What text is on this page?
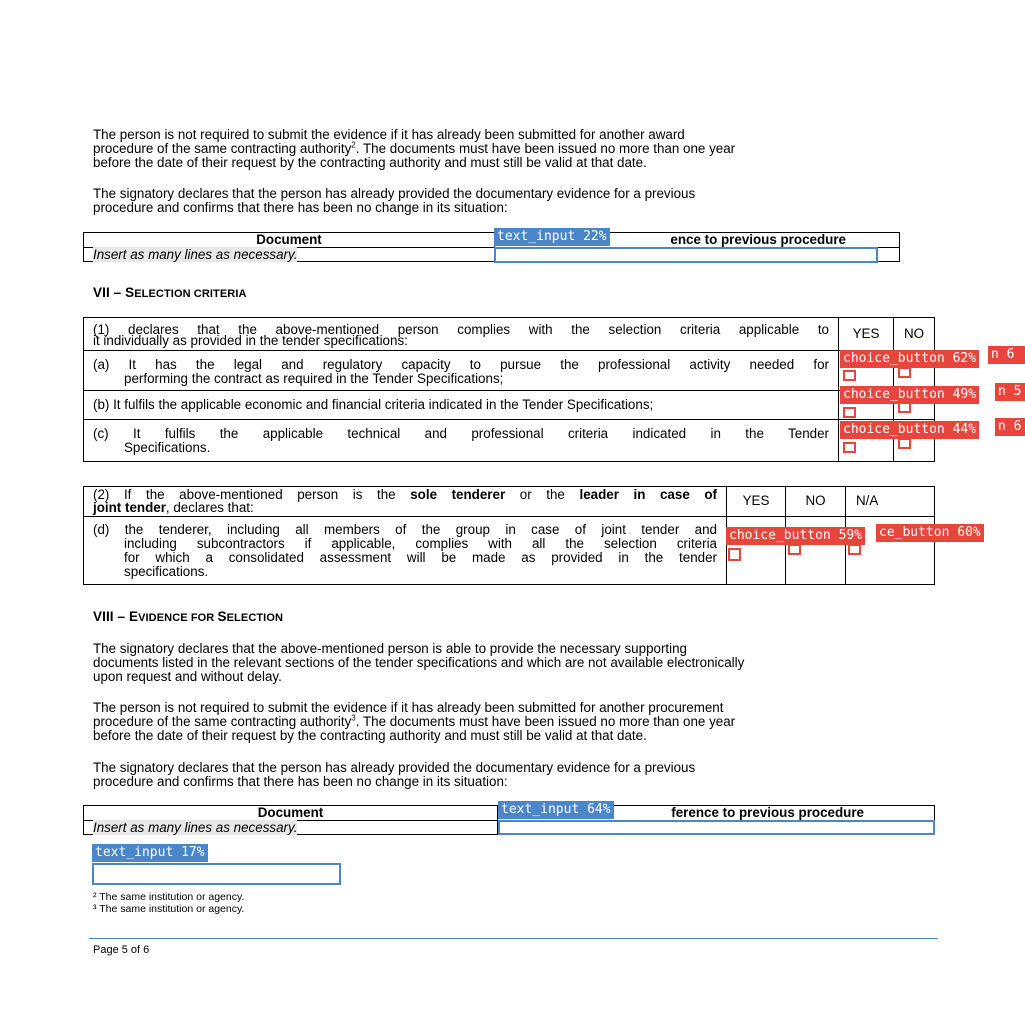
The person is not required to submit the evidence if it has already been submitted for another award
procedure of the same contracting authority$^2$. The documents must have been issued no more than one year
before the date of their request by the contracting authority and must still be valid at that date.
The signatory declares that the person has already provided the documentary evidence for a previous
procedure and confirms that there has been no change in its situation:
Document	ence to previous procedure
Insert as many lines as necessary.	
VII – SELECTION CRITERIA
(1) declares that the above-mentioned person complies with the selection criteria applicable to
it individually as provided in the tender specifications:	YES	NO

(a) It has the legal and regulatory capacity to pursue the professional activity needed for
performing the contract as required in the Tender Specifications;		

(b) It fulfils the applicable economic and financial criteria indicated in the Tender Specifications;		

(c) It fulfils the applicable technical and professional criteria indicated in the Tender
Specifications.		

(2) If the above-mentioned person is the sole tenderer or the leader in case of
joint tender, declares that:	YES	NO	N/A

(d) the tenderer, including all members of the group in case of joint tender and
including subcontractors if applicable, complies with all the selection criteria
for which a consolidated assessment will be made as provided in the tender
specifications.			

VIII – EVIDENCE FOR SELECTION
The signatory declares that the above-mentioned person is able to provide the necessary supporting
documents listed in the relevant sections of the tender specifications and which are not available electronically
upon request and without delay.
The person is not required to submit the evidence if it has already been submitted for another procurement
procedure of the same contracting authority$^3$. The documents must have been issued no more than one year
before the date of their request by the contracting authority and must still be valid at that date.
The signatory declares that the person has already provided the documentary evidence for a previous
procedure and confirms that there has been no change in its situation:
Document	ference to previous procedure
Insert as many lines as necessary.	
² The same institution or agency.
³ The same institution or agency.
Page 5 of 6
text_input 22%
text_input 64%
text_input 17%
choice_button 62% n 6
choice_button 49% n 5
choice_button 44% n 6
choice_button 59% ce_button 60%
